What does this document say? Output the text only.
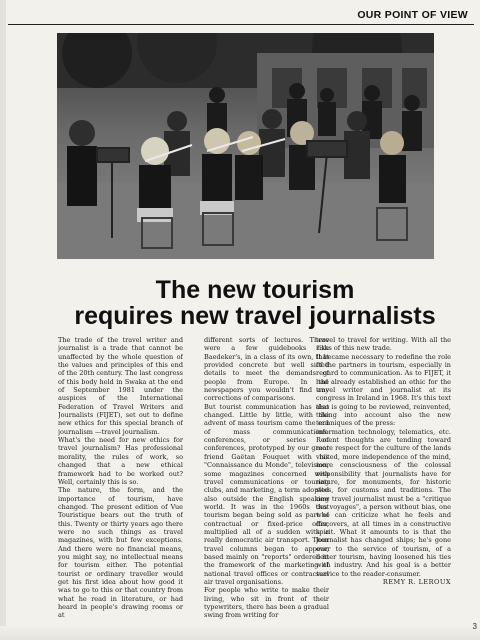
OUR POINT OF VIEW
The new tourism
requires new travel journalists

The trade of the travel writer and journalist is a trade that cannot be unaffected by the whole question of the values and principles of this end of the 20th century. The last congress of this body held in Swaka at the end of September 1981 under the auspices of the International Federation of Travel Writers and Journalists (FIJET), set out to define new ethics for this special branch of journalism —travel journalism.

What's the need for new ethics for travel journalism? Has professional morality, the rules of work, so changed that a new ethical framework had to be worked out? Well, certainly this is so.

The nature, the form, and the importance of tourism, have changed. The present edition of Vue Touristique bears out the truth of this. Twenty or thirty years ago there were no such things as travel magazines, with but few exceptions. And there were no financial means, you might say, no intellectual means for tourism either. The potential tourist or ordinary traveller would get his first idea about how good it was to go to this or that country from what he read in literature, or had heard in people's drawing rooms or at

different sorts of lectures. There were a few guidebooks like Baedeker's, in a class of its own, that provided concrete but well sifted details to meet the demands of people from Europe. In the newspapers you wouldn't find any corrections of comparisons.

But tourist communication has also changed. Little by little, with the advent of mass tourism came the era of mass communications: conferences, or series of conferences, prototyped by our great friend Gaëtan Fouquet with his "Connaissance du Monde", television, some magazines concerned with travel communications or touring clubs, and marketing, a term adopted also outside the English speaking world. It was in the 1960s that tourism began being sold as part of contractual or fixed-price offer, multiplied all of a sudden with a really democratic air transport. Then travel columns began to appear, based mainly on "reports" ordered in the framework of the marketing of national travel offices or contractual air travel organisations.

For people who write to make their living, who sit in front of their typewriters, there has been a gradual swing from writing for

travel to travel for writing. With all the risks of this new trade.

It became necessary to redefine the role of the partners in tourism, especially in regard to communication. As to FIJET, it had already established an ethic for the travel writer and journalist at its congress in Ireland in 1968. It's this text that is going to be reviewed, reinvented, taking into account also the new techniques of the press:

information technology, telematics, etc. Recent thoughts are tending toward more respect for the culture of the lands visited, more independence of the mind, more consciousness of the colossal responsibility that journalists have for nature, for monuments, for historic sites, for customs and traditions. The new travel journalist must be a "critique des voyages", a person without bias, one who can criticize what he feels and discovers, at all times in a constructive spirit. What it amounts to is that the journalist has changed ships; he's gone over to the service of tourism, of a better tourism, having loosened his ties with industry. And his goal is a better service to the reader-consumer.

REMY R. LEROUX

3
